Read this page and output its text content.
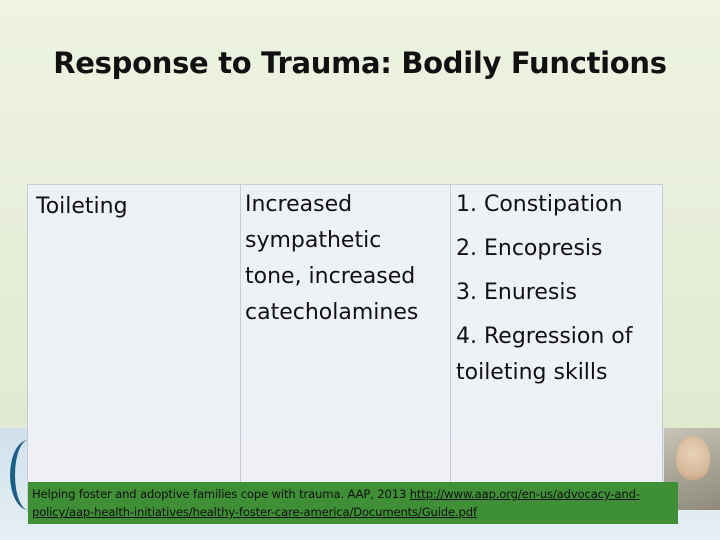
Response to Trauma: Bodily Functions
Toileting	Increased
sympathetic
tone, increased
catecholamines
1. Constipation
2. Encopresis
3. Enuresis
4. Regression of toileting skills
Helping foster and adoptive families cope with trauma. AAP, 2013 http://www.aap.org/en-us/advocacy-and-policy/aap-health-initiatives/healthy-foster-care-america/Documents/Guide.pdf
